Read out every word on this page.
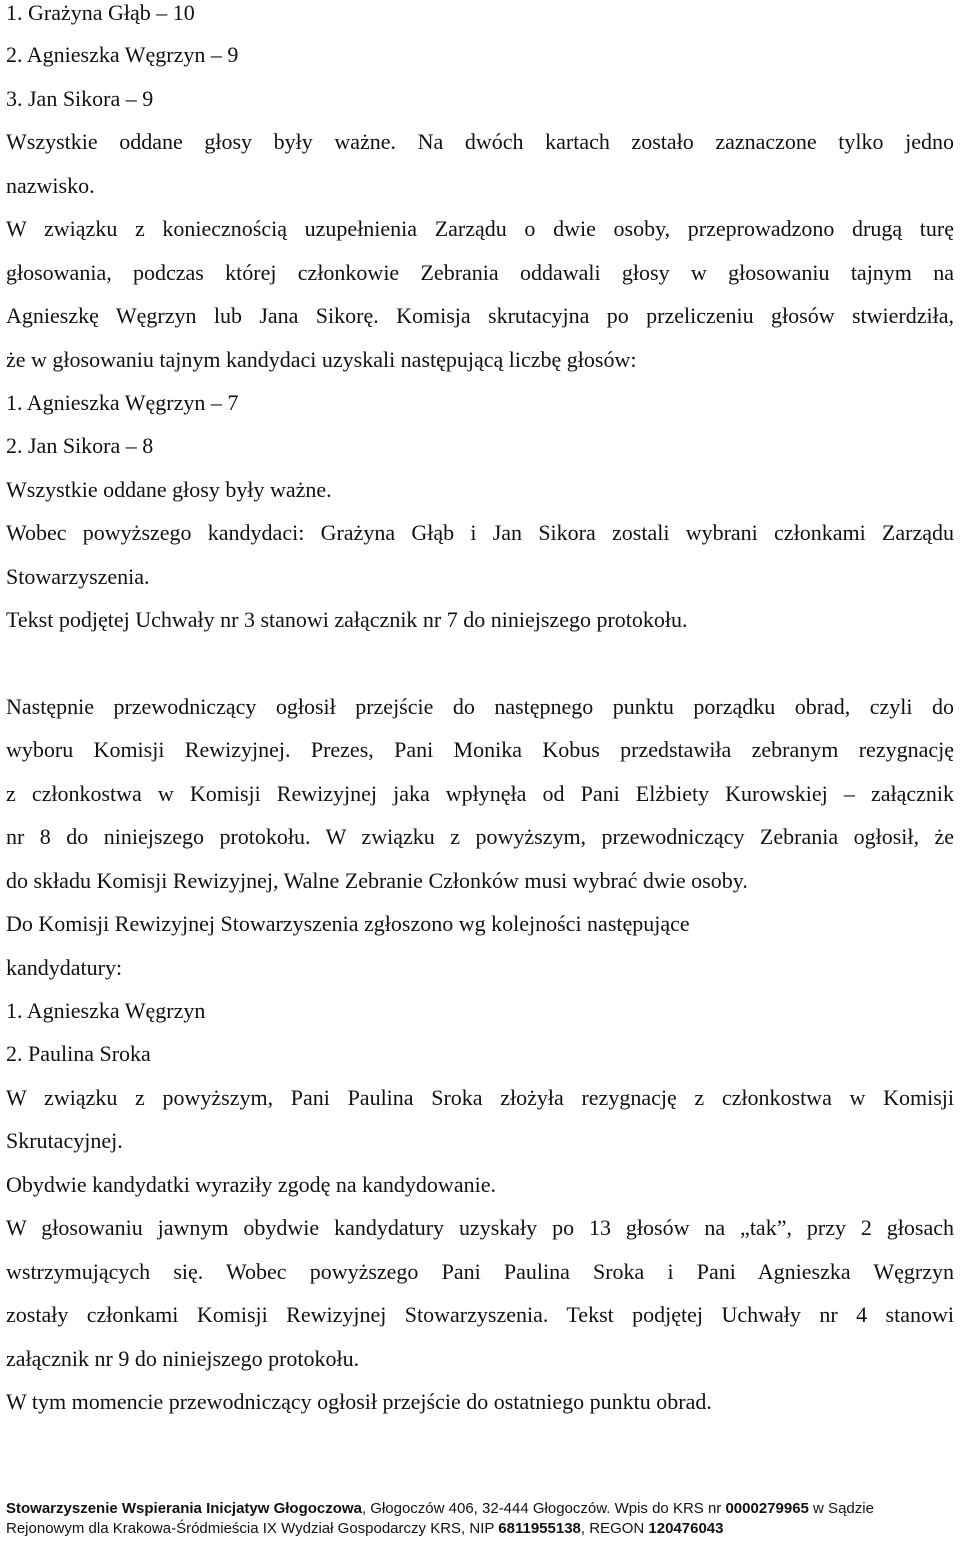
1. Grażyna Głąb – 10
2. Agnieszka Węgrzyn – 9
3. Jan Sikora – 9
Wszystkie oddane głosy były ważne. Na dwóch kartach zostało zaznaczone tylko jedno
nazwisko.
W związku z koniecznością uzupełnienia Zarządu o dwie osoby, przeprowadzono drugą turę
głosowania, podczas której członkowie Zebrania oddawali głosy w głosowaniu tajnym na
Agnieszkę Węgrzyn lub Jana Sikorę. Komisja skrutacyjna po przeliczeniu głosów stwierdziła,
że w głosowaniu tajnym kandydaci uzyskali następującą liczbę głosów:
1. Agnieszka Węgrzyn – 7
2. Jan Sikora – 8
Wszystkie oddane głosy były ważne.
Wobec powyższego kandydaci: Grażyna Głąb i Jan Sikora zostali wybrani członkami Zarządu
Stowarzyszenia.
Tekst podjętej Uchwały nr 3 stanowi załącznik nr 7 do niniejszego protokołu.
Następnie przewodniczący ogłosił przejście do następnego punktu porządku obrad, czyli do
wyboru Komisji Rewizyjnej. Prezes, Pani Monika Kobus przedstawiła zebranym rezygnację
z członkostwa w Komisji Rewizyjnej jaka wpłynęła od Pani Elżbiety Kurowskiej – załącznik
nr 8 do niniejszego protokołu. W związku z powyższym, przewodniczący Zebrania ogłosił, że
do składu Komisji Rewizyjnej, Walne Zebranie Członków musi wybrać dwie osoby.
Do Komisji Rewizyjnej Stowarzyszenia zgłoszono wg kolejności następujące
kandydatury:
1. Agnieszka Węgrzyn
2. Paulina Sroka
W związku z powyższym, Pani Paulina Sroka złożyła rezygnację z członkostwa w Komisji
Skrutacyjnej.
Obydwie kandydatki wyraziły zgodę na kandydowanie.
W głosowaniu jawnym obydwie kandydatury uzyskały po 13 głosów na „tak”, przy 2 głosach
wstrzymujących się. Wobec powyższego Pani Paulina Sroka i Pani Agnieszka Węgrzyn
zostały członkami Komisji Rewizyjnej Stowarzyszenia. Tekst podjętej Uchwały nr 4 stanowi
załącznik nr 9 do niniejszego protokołu.
W tym momencie przewodniczący ogłosił przejście do ostatniego punktu obrad.
Stowarzyszenie Wspierania Inicjatyw Głogoczowa, Głogoczów 406, 32-444 Głogoczów. Wpis do KRS nr 0000279965 w Sądzie
Rejonowym dla Krakowa-Śródmieścia IX Wydział Gospodarczy KRS, NIP 6811955138, REGON 120476043
